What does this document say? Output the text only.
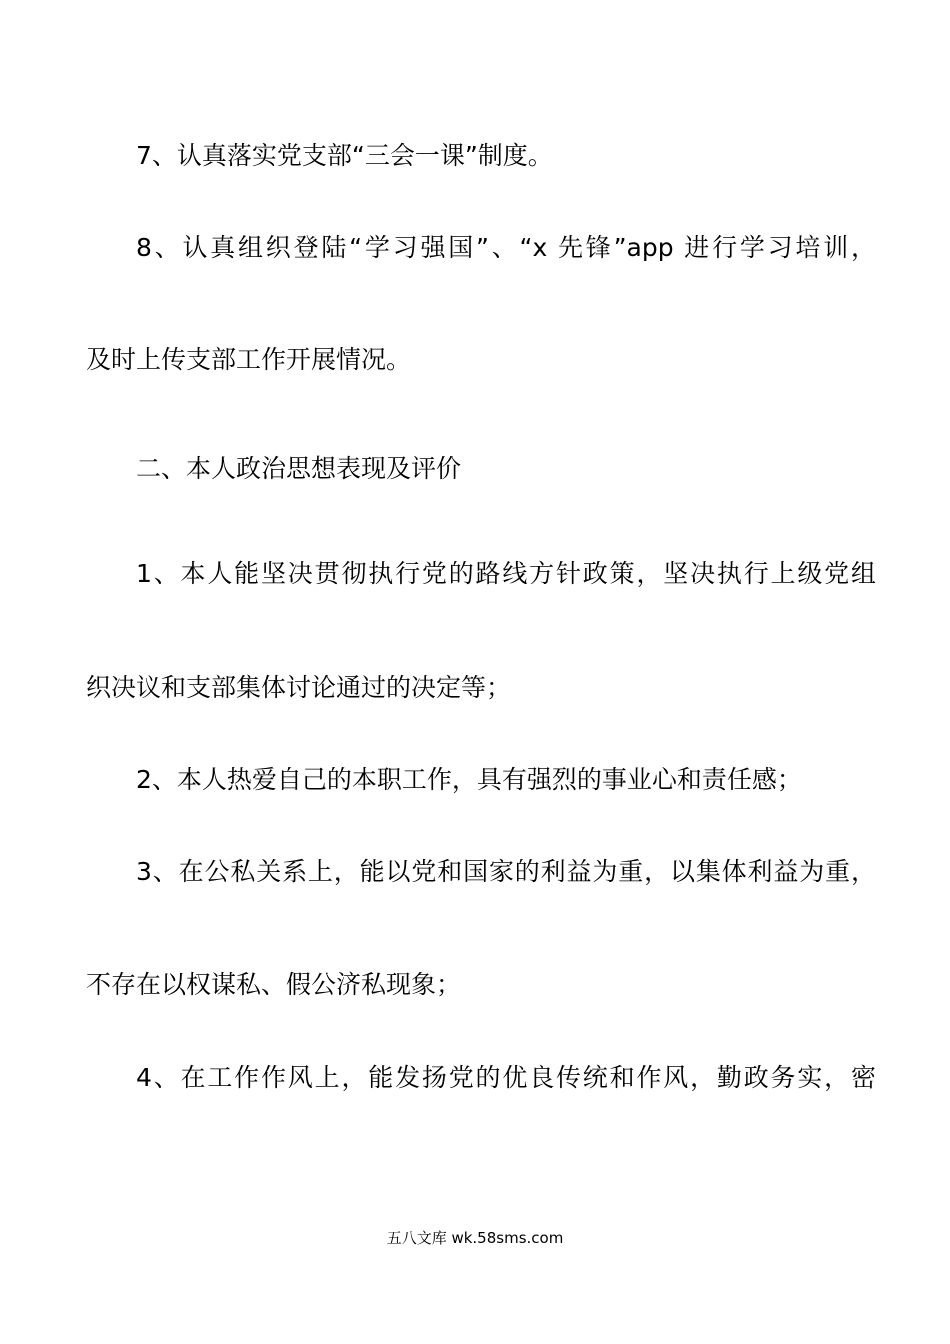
7、认真落实党支部“三会一课”制度。

8、认真组织登陆“学习强国”、“x 先锋”app 进行学习培训，

及时上传支部工作开展情况。

二、本人政治思想表现及评价

1、本人能坚决贯彻执行党的路线方针政策，坚决执行上级党组

织决议和支部集体讨论通过的决定等；

2、本人热爱自己的本职工作，具有强烈的事业心和责任感；

3、在公私关系上，能以党和国家的利益为重，以集体利益为重，

不存在以权谋私、假公济私现象；

4、在工作作风上，能发扬党的优良传统和作风，勤政务实，密

五八文库 wk.58sms.com
